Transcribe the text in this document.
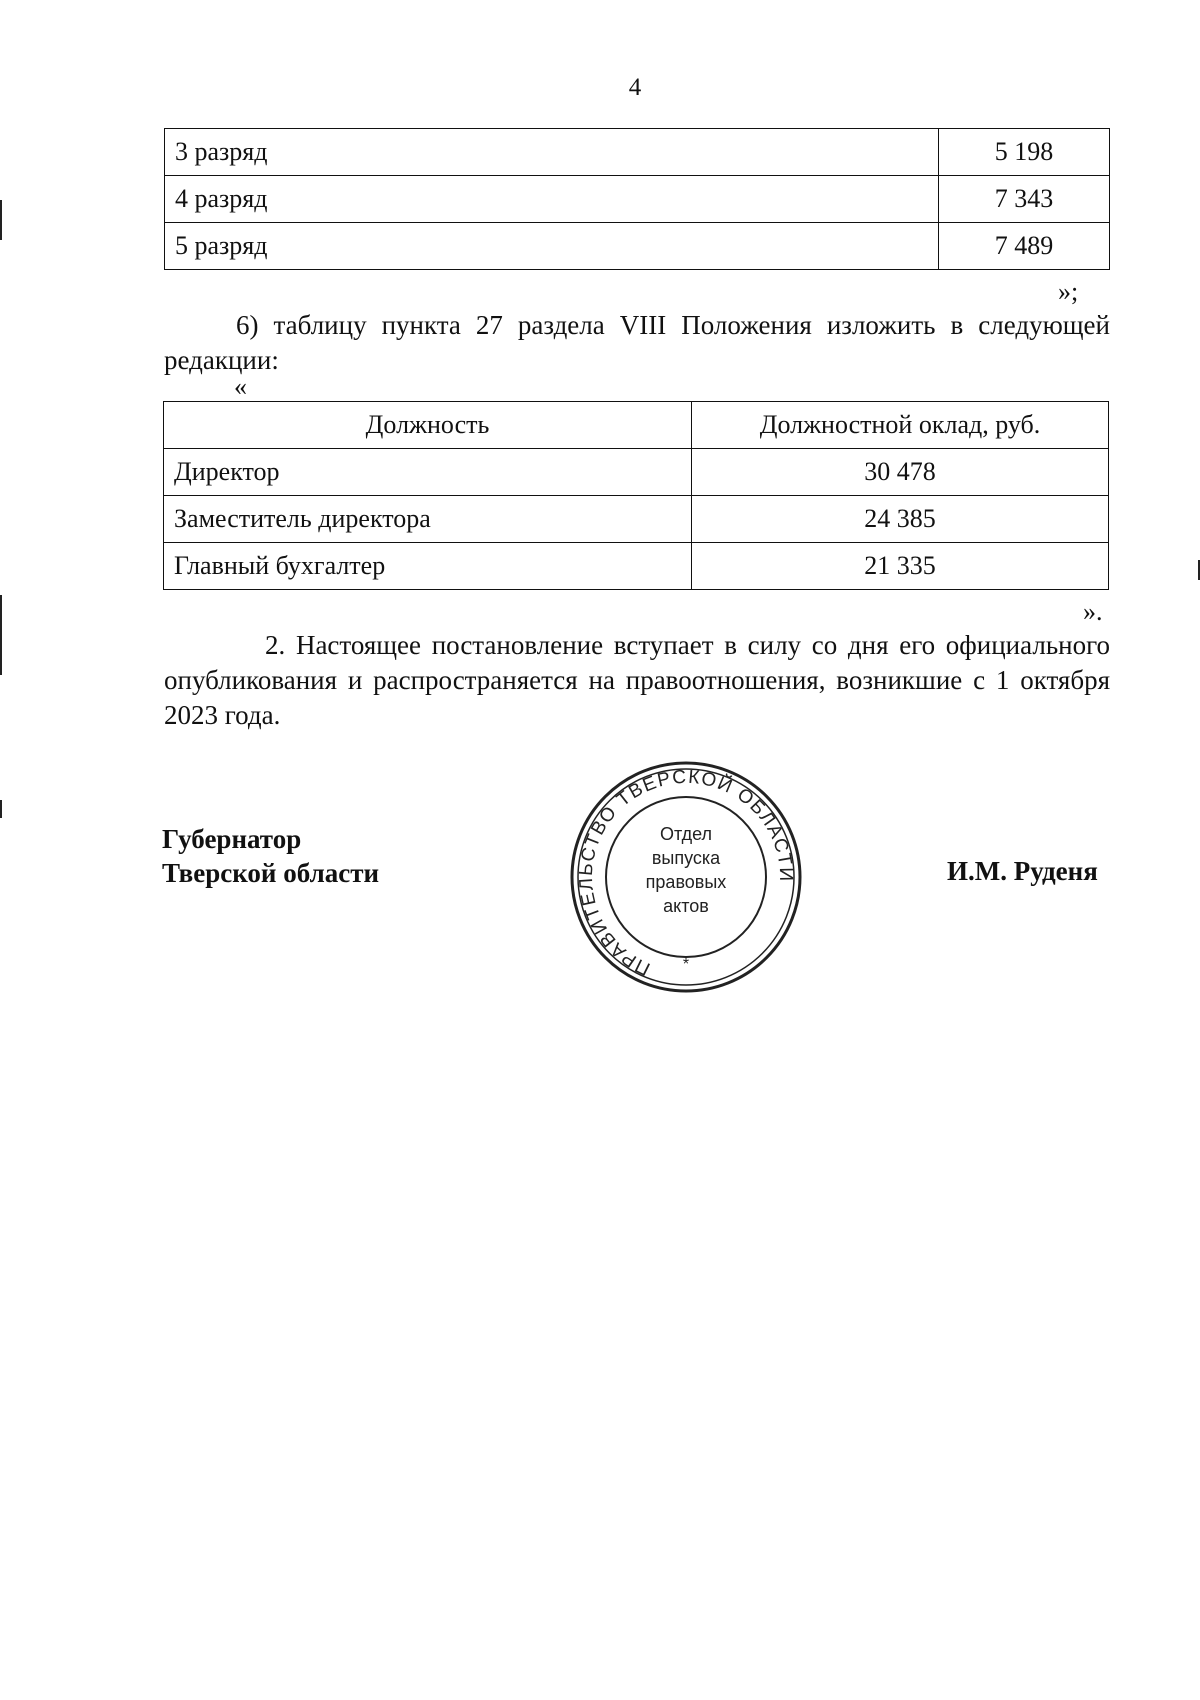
4
3 разряд	5 198
4 разряд	7 343
5 разряд	7 489
»;
6) таблицу пункта 27 раздела VIII Положения изложить в следующей редакции:
«
Должность	Должностной оклад, руб.
Директор	30 478
Заместитель директора	24 385
Главный бухгалтер	21 335
».
2. Настоящее постановление вступает в силу со дня его официального опубликования и распространяется на правоотношения, возникшие с 1 октября 2023 года.
Губернатор
Тверской области	И.М. Руденя
ПРАВИТЕЛЬСТВО ТВЕРСКОЙ ОБЛАСТИ
*
Отдел
выпуска
правовых
актов
